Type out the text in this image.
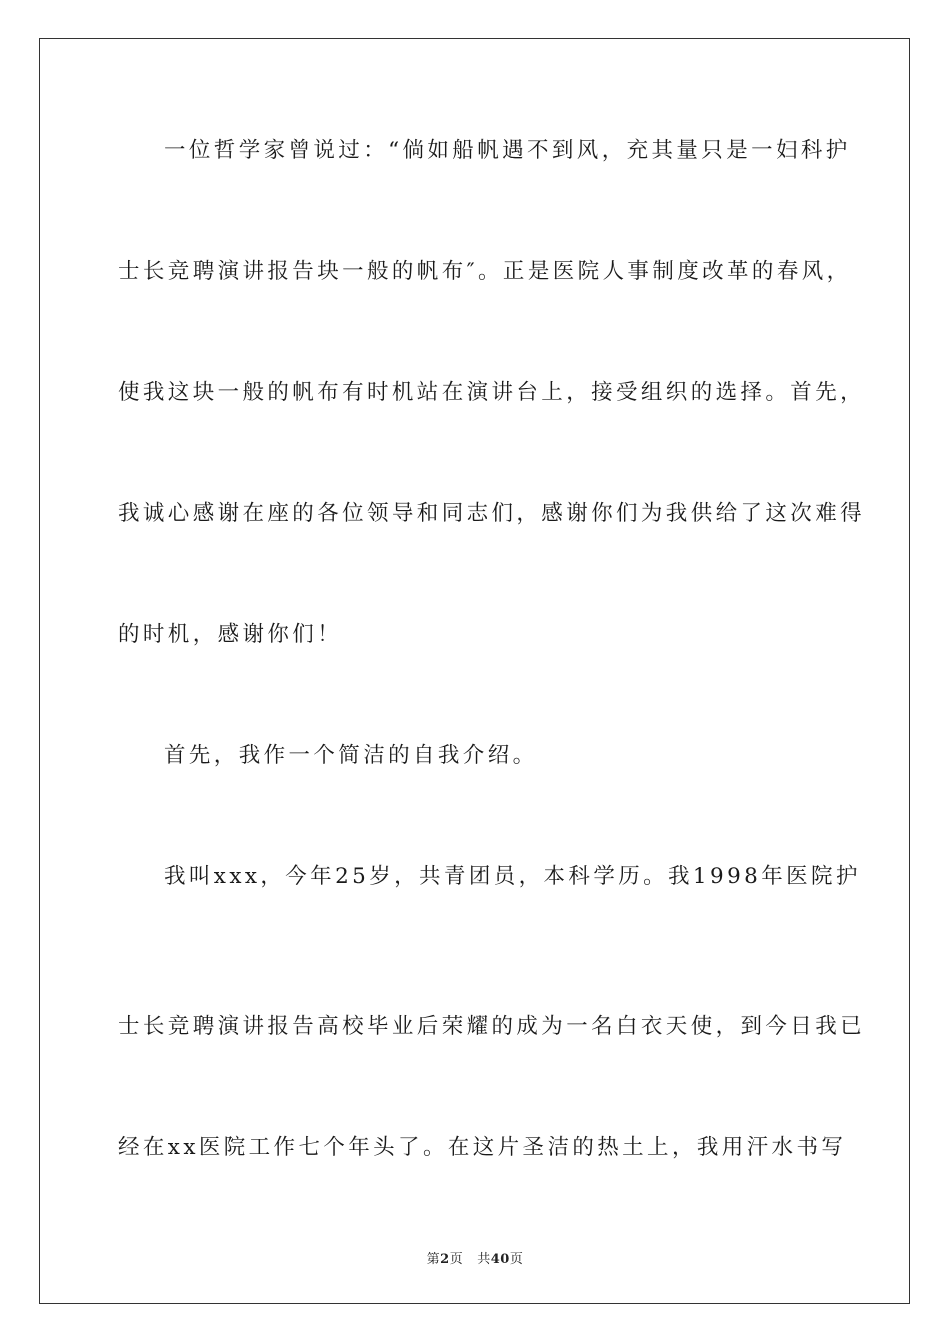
一位哲学家曾说过：“倘如船帆遇不到风，充其量只是一妇科护
士长竞聘演讲报告块一般的帆布″。正是医院人事制度改革的春风，
使我这块一般的帆布有时机站在演讲台上，接受组织的选择。首先，
我诚心感谢在座的各位领导和同志们，感谢你们为我供给了这次难得
的时机，感谢你们！
首先，我作一个简洁的自我介绍。
我叫xxx，今年25岁，共青团员，本科学历。我1998年医院护
士长竞聘演讲报告高校毕业后荣耀的成为一名白衣天使，到今日我已
经在xx医院工作七个年头了。在这片圣洁的热土上，我用汗水书写
第2页 共40页
